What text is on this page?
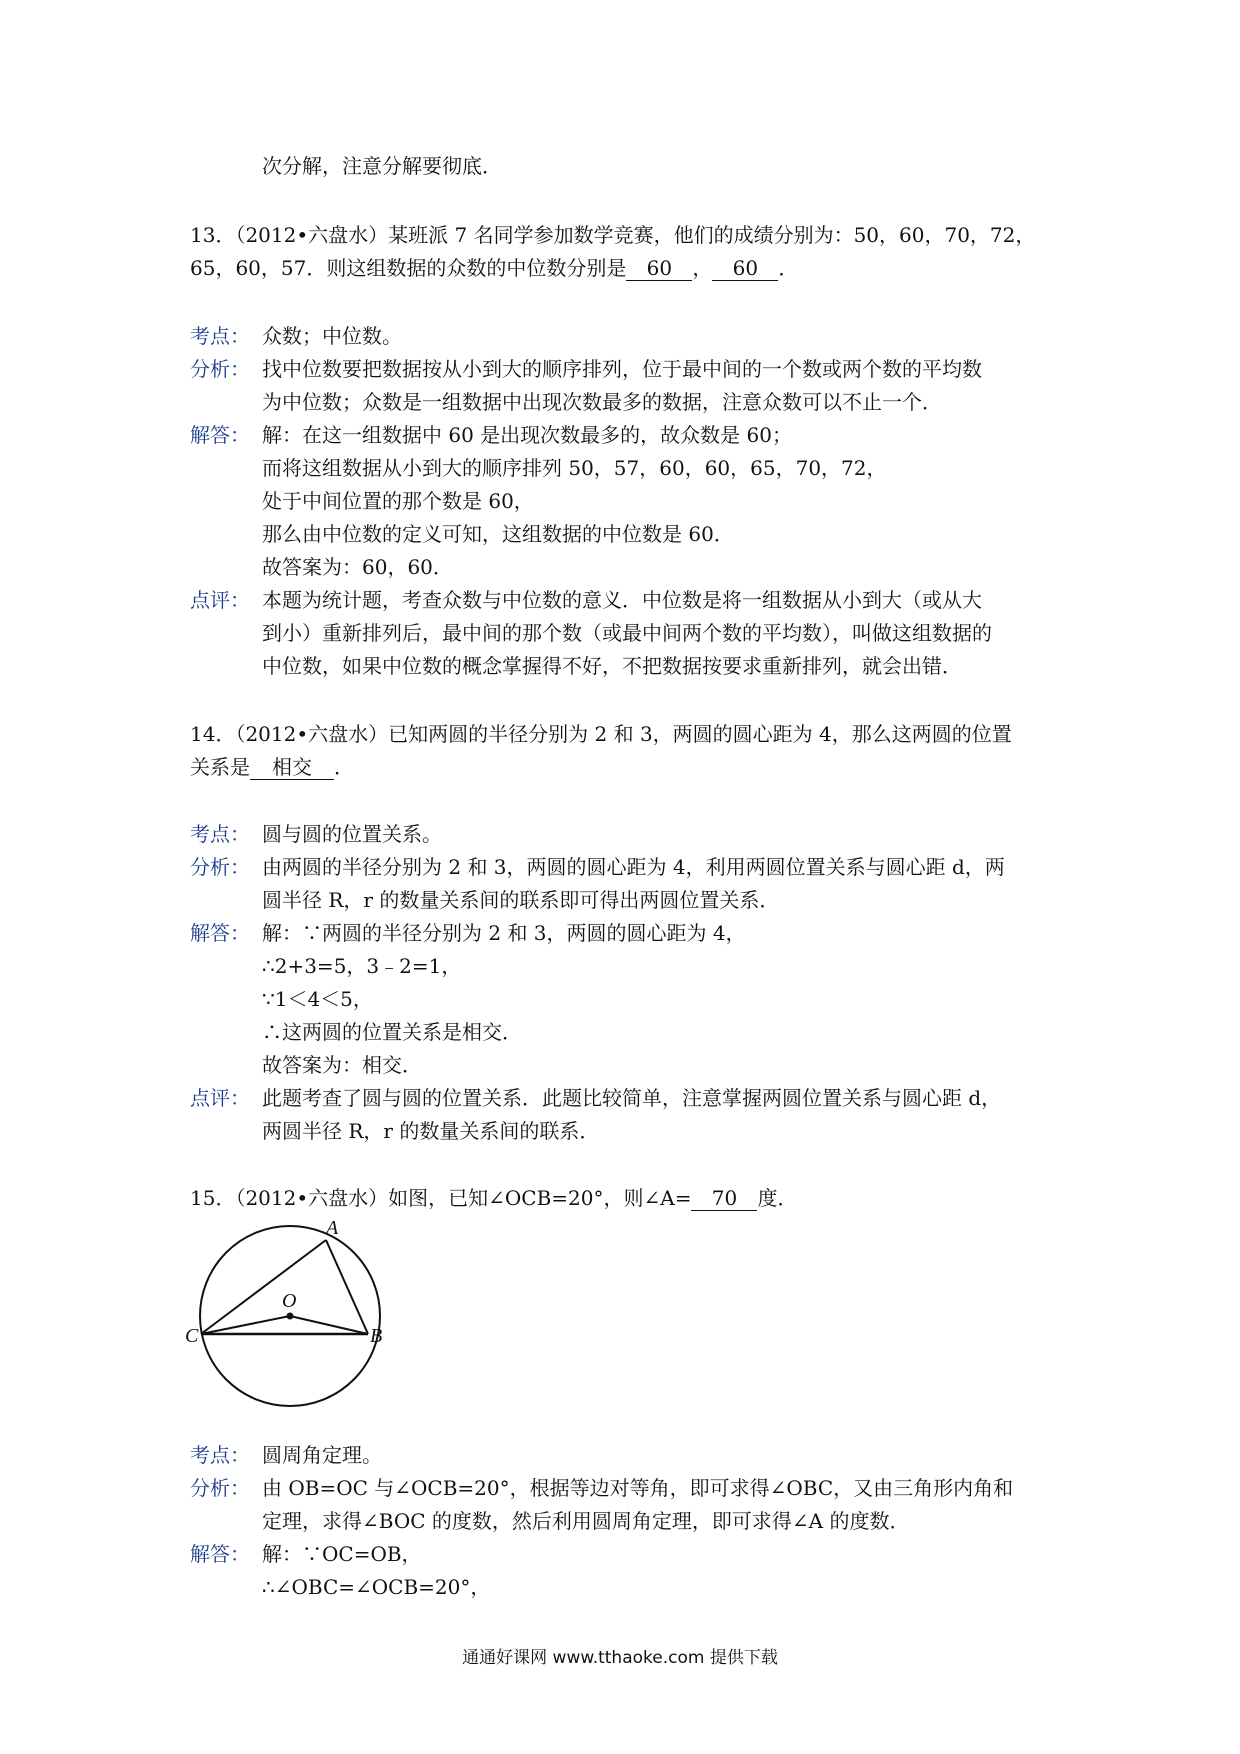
次分解，注意分解要彻底．
13．（2012•六盘水）某班派 7 名同学参加数学竞赛，他们的成绩分别为：50，60，70，72，
65，60，57．则这组数据的众数的中位数分别是 60 ， 60 ．
考点： 众数；中位数。
分析： 找中位数要把数据按从小到大的顺序排列，位于最中间的一个数或两个数的平均数
为中位数；众数是一组数据中出现次数最多的数据，注意众数可以不止一个．
解答： 解：在这一组数据中 60 是出现次数最多的，故众数是 60；
而将这组数据从小到大的顺序排列 50，57，60，60，65，70，72，
处于中间位置的那个数是 60，
那么由中位数的定义可知，这组数据的中位数是 60．
故答案为：60，60．
点评： 本题为统计题，考查众数与中位数的意义．中位数是将一组数据从小到大（或从大
到小）重新排列后，最中间的那个数（或最中间两个数的平均数），叫做这组数据的
中位数，如果中位数的概念掌握得不好，不把数据按要求重新排列，就会出错．
14．（2012•六盘水）已知两圆的半径分别为 2 和 3，两圆的圆心距为 4，那么这两圆的位置
关系是 相交 ．
考点： 圆与圆的位置关系。
分析： 由两圆的半径分别为 2 和 3，两圆的圆心距为 4，利用两圆位置关系与圆心距 d，两
圆半径 R，r 的数量关系间的联系即可得出两圆位置关系．
解答： 解：∵两圆的半径分别为 2 和 3，两圆的圆心距为 4，
∴2+3=5，3﹣2=1，
∵1＜4＜5，
∴这两圆的位置关系是相交．
故答案为：相交．
点评： 此题考查了圆与圆的位置关系．此题比较简单，注意掌握两圆位置关系与圆心距 d，
两圆半径 R，r 的数量关系间的联系．
15．（2012•六盘水）如图，已知∠OCB=20°，则∠A= 70 度．
A
O
C	B
考点： 圆周角定理。
分析： 由 OB=OC 与∠OCB=20°，根据等边对等角，即可求得∠OBC，又由三角形内角和
定理，求得∠BOC 的度数，然后利用圆周角定理，即可求得∠A 的度数．
解答： 解：∵OC=OB，
∴∠OBC=∠OCB=20°，
通通好课网 www.tthaoke.com 提供下载
